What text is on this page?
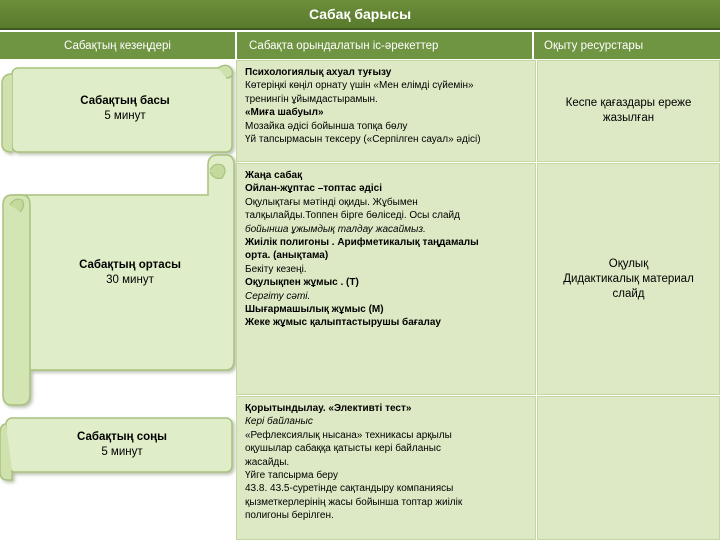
Сабақ барысы
Сабақтың кезеңдері	Сабақта орындалатын іс-әрекеттер	Оқыту ресурстары
Сабақтың басы
5 минут
Сабақтың ортасы
30 минут
Сабақтың соңы
5 минут
Психологиялық ахуал туғызу
Көтеріңкі көңіл орнату үшін «Мен елімді сүйемін»
тренингін ұйымдастырамын.
«Миға шабуыл»
Мозайка әдісі бойынша топқа бөлу
Үй тапсырмасын тексеру («Серпілген сауал» әдісі)
Жаңа сабақ
Ойлан-жұптас –топтас әдісі
Оқулықтағы мәтінді оқиды. Жұбымен
талқылайды.Топпен бірге бөліседі. Осы слайд
бойынша ұжымдық талдау жасаймыз.
Жиілік полигоны . Арифметикалық таңдамалы
орта. (анықтама)
Бекіту кезеңі.
Оқулықпен жұмыс . (Т)
Сергіту сәті.
Шығармашылық жұмыс (М)
Жеке жұмыс қалыптастырушы бағалау
Қорытындылау. «Элективті тест»
Кері байланыс
«Рефлексиялық нысана» техникасы арқылы
оқушылар сабаққа қатысты кері байланыс
жасайды.
Үйге тапсырма беру
43.8. 43.5-суретінде сақтандыру компаниясы
қызметкерлерінің жасы бойынша топтар жиілік
полигоны берілген.
Кеспе қағаздары ереже
жазылған
Оқулық
Дидактикалық материал
слайд
